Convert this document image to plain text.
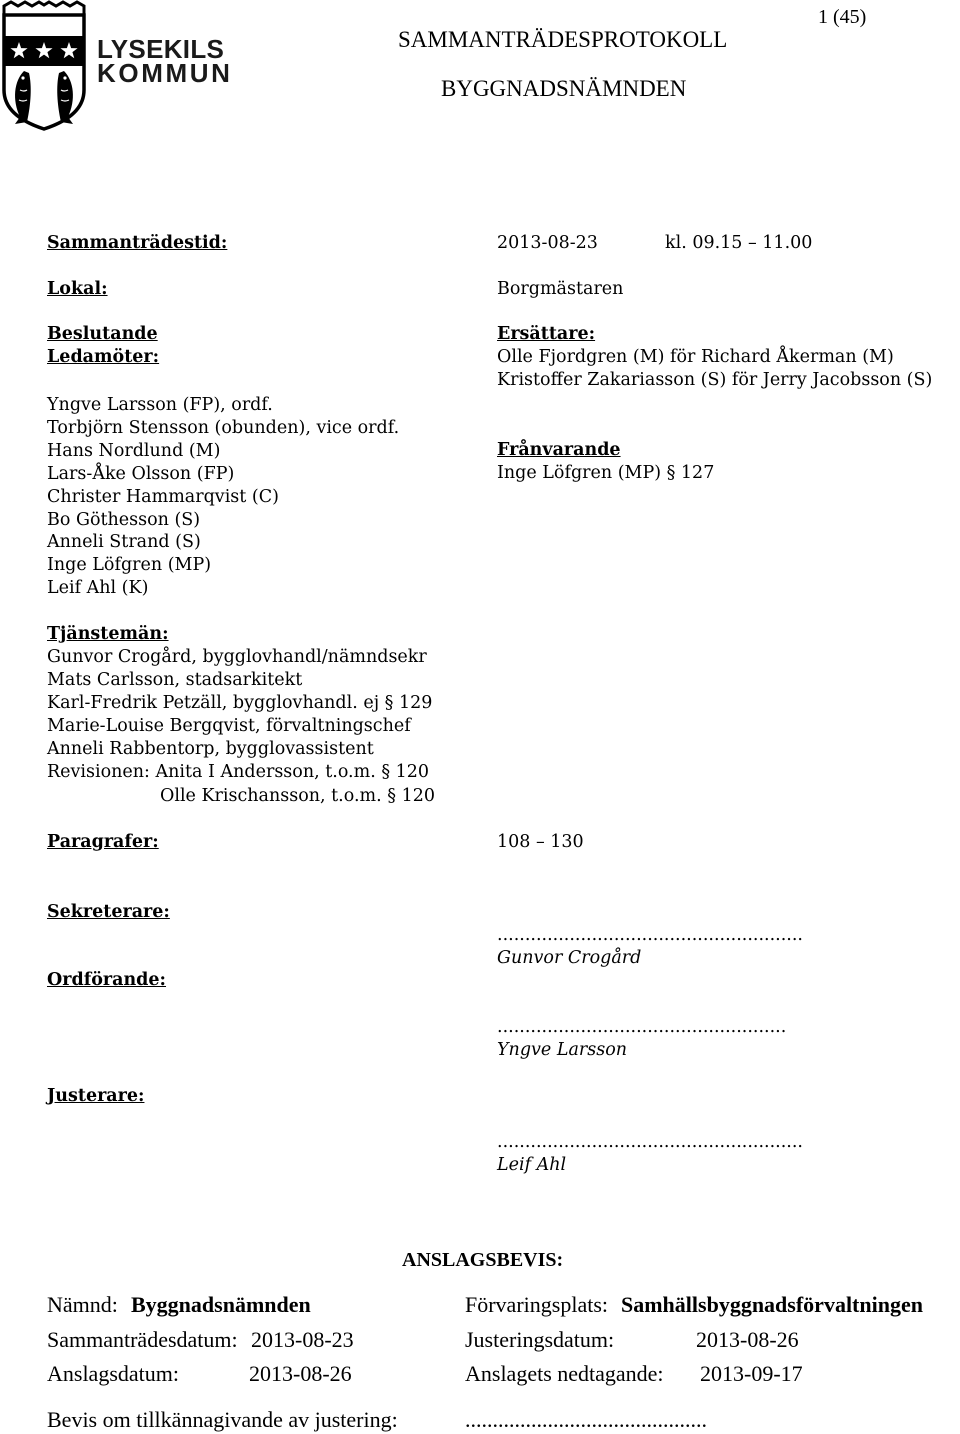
LYSEKILS
KOMMUN
1 (45)
SAMMANTRÄDESPROTOKOLL
BYGGNADSNÄMNDEN
Sammanträdestid:	2013-08-23	kl. 09.15 – 11.00
Lokal:	Borgmästaren
Beslutande
Ledamöter:
Yngve Larsson (FP), ordf.
Torbjörn Stensson (obunden), vice ordf.
Hans Nordlund (M)
Lars-Åke Olsson (FP)
Christer Hammarqvist (C)
Bo Göthesson (S)
Anneli Strand (S)
Inge Löfgren (MP)
Leif Ahl (K)
Ersättare:
Olle Fjordgren (M) för Richard Åkerman (M)
Kristoffer Zakariasson (S) för Jerry Jacobsson (S)
Frånvarande
Inge Löfgren (MP) § 127
Tjänstemän:
Gunvor Crogård, bygglovhandl/nämndsekr
Mats Carlsson, stadsarkitekt
Karl-Fredrik Petzäll, bygglovhandl. ej § 129
Marie-Louise Bergqvist, förvaltningschef
Anneli Rabbentorp, bygglovassistent
Revisionen: Anita I Andersson, t.o.m. § 120
Olle Krischansson, t.o.m. § 120
Paragrafer:	108 – 130
Sekreterare:
.......................................................
Gunvor Crogård
Ordförande:
....................................................
Yngve Larsson
Justerare:
.......................................................
Leif Ahl
ANSLAGSBEVIS:
Nämnd: Byggnadsnämnden	Förvaringsplats: Samhällsbyggnadsförvaltningen
Sammanträdesdatum: 2013-08-23	Justeringsdatum:	2013-08-26
Anslagsdatum:	2013-08-26	Anslagets nedtagande: 2013-09-17
Bevis om tillkännagivande av justering:	............................................
